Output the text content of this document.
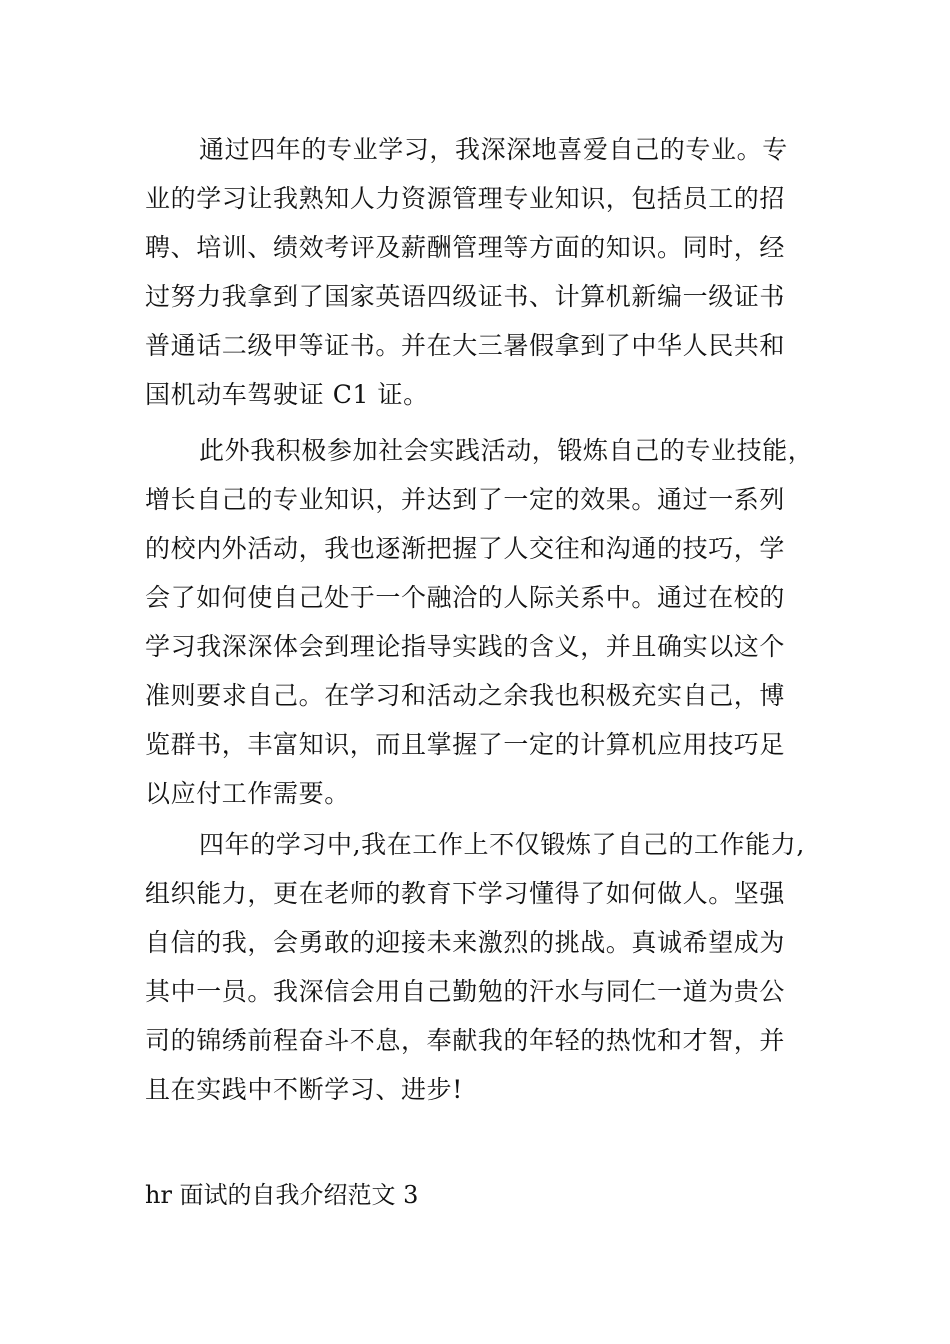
通过四年的专业学习，我深深地喜爱自己的专业。专
业的学习让我熟知人力资源管理专业知识，包括员工的招
聘、培训、绩效考评及薪酬管理等方面的知识。同时，经
过努力我拿到了国家英语四级证书、计算机新编一级证书
普通话二级甲等证书。并在大三暑假拿到了中华人民共和
国机动车驾驶证 C1 证。
此外我积极参加社会实践活动，锻炼自己的专业技能，
增长自己的专业知识，并达到了一定的效果。通过一系列
的校内外活动，我也逐渐把握了人交往和沟通的技巧，学
会了如何使自己处于一个融洽的人际关系中。通过在校的
学习我深深体会到理论指导实践的含义，并且确实以这个
准则要求自己。在学习和活动之余我也积极充实自己，博
览群书，丰富知识，而且掌握了一定的计算机应用技巧足
以应付工作需要。
四年的学习中,我在工作上不仅锻炼了自己的工作能力,
组织能力，更在老师的教育下学习懂得了如何做人。坚强
自信的我，会勇敢的迎接未来激烈的挑战。真诚希望成为
其中一员。我深信会用自己勤勉的汗水与同仁一道为贵公
司的锦绣前程奋斗不息，奉献我的年轻的热忱和才智，并
且在实践中不断学习、进步!
hr 面试的自我介绍范文 3
